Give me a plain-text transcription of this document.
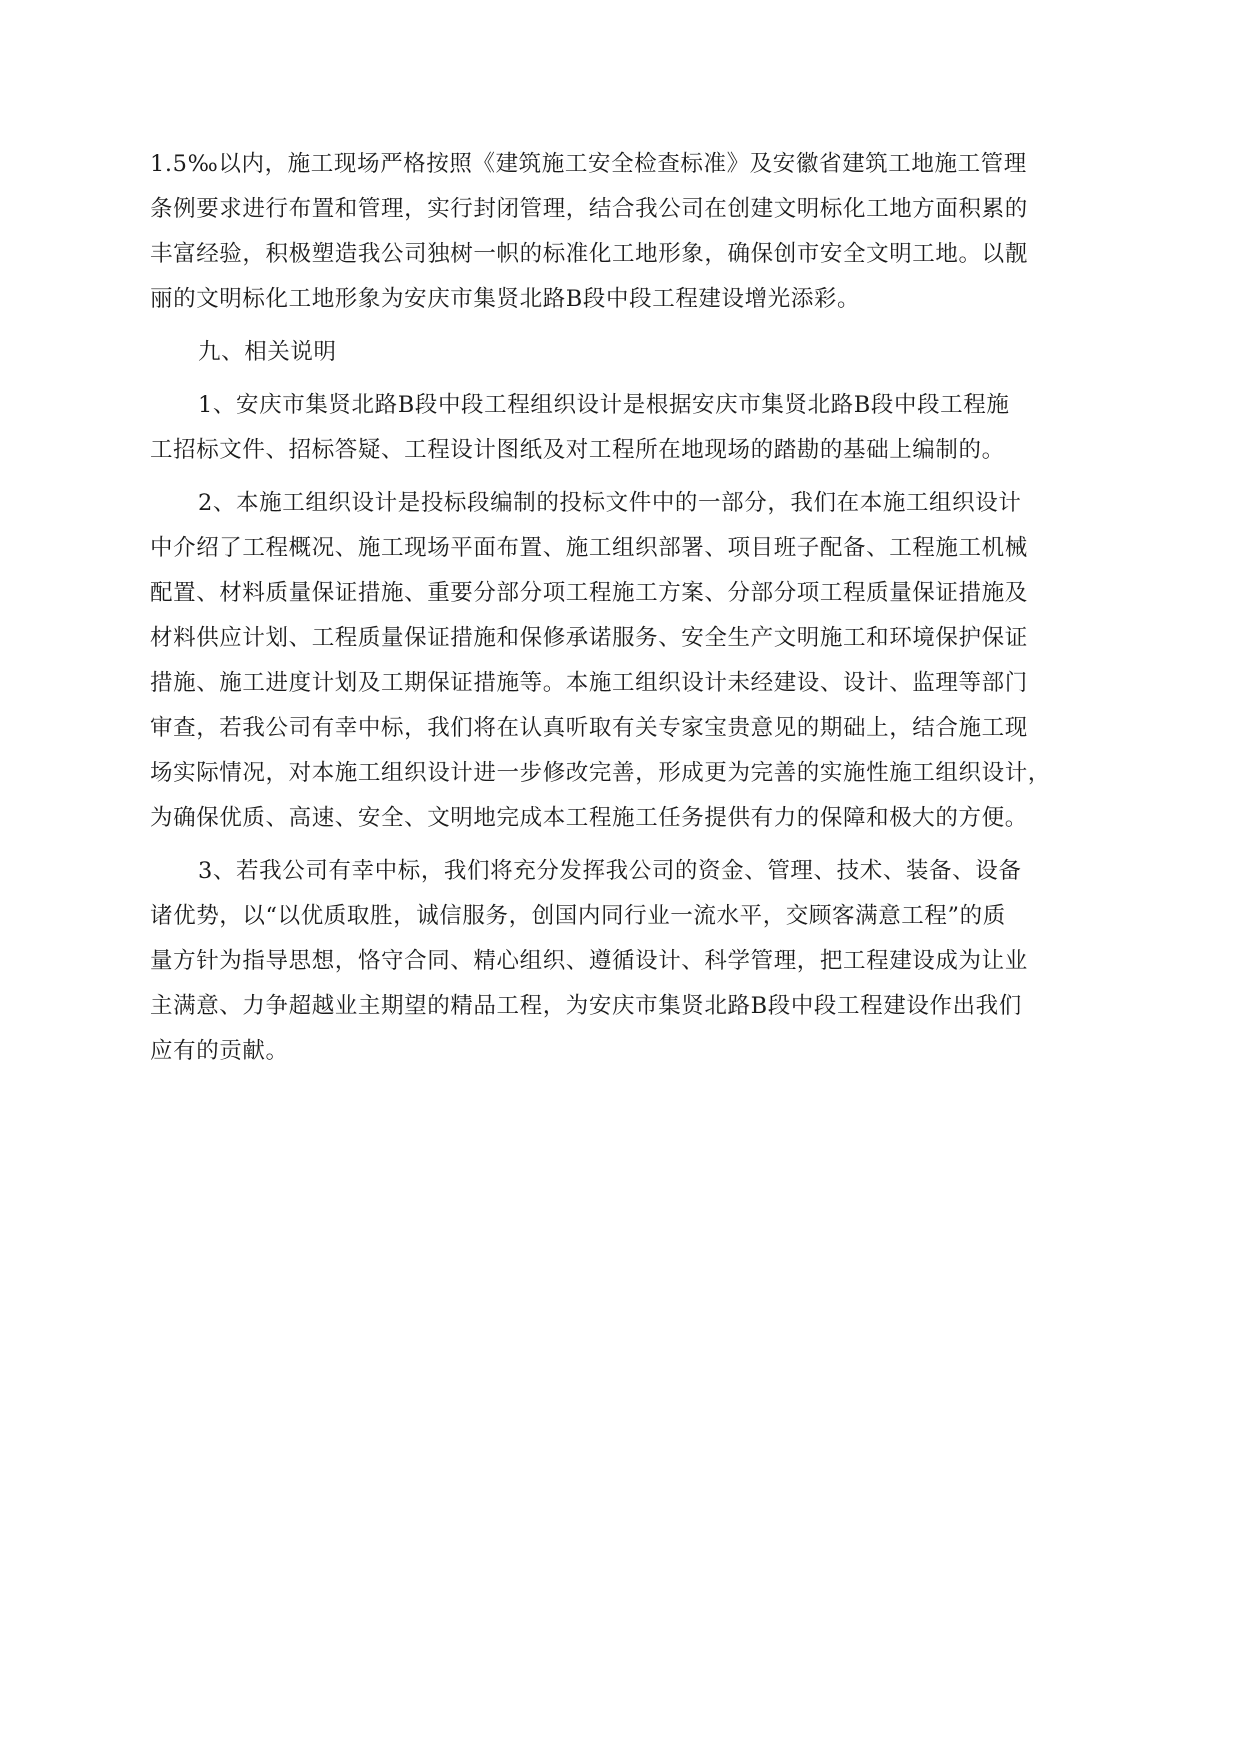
1.5‰以内，施工现场严格按照《建筑施工安全检查标准》及安徽省建筑工地施工管理
条例要求进行布置和管理，实行封闭管理，结合我公司在创建文明标化工地方面积累的
丰富经验，积极塑造我公司独树一帜的标准化工地形象，确保创市安全文明工地。以靓
丽的文明标化工地形象为安庆市集贤北路B段中段工程建设增光添彩。
九、相关说明
1、安庆市集贤北路B段中段工程组织设计是根据安庆市集贤北路B段中段工程施
工招标文件、招标答疑、工程设计图纸及对工程所在地现场的踏勘的基础上编制的。
2、本施工组织设计是投标段编制的投标文件中的一部分，我们在本施工组织设计
中介绍了工程概况、施工现场平面布置、施工组织部署、项目班子配备、工程施工机械
配置、材料质量保证措施、重要分部分项工程施工方案、分部分项工程质量保证措施及
材料供应计划、工程质量保证措施和保修承诺服务、安全生产文明施工和环境保护保证
措施、施工进度计划及工期保证措施等。本施工组织设计未经建设、设计、监理等部门
审查，若我公司有幸中标，我们将在认真听取有关专家宝贵意见的期础上，结合施工现
场实际情况，对本施工组织设计进一步修改完善，形成更为完善的实施性施工组织设计，
为确保优质、高速、安全、文明地完成本工程施工任务提供有力的保障和极大的方便。
3、若我公司有幸中标，我们将充分发挥我公司的资金、管理、技术、装备、设备
诸优势，以“以优质取胜，诚信服务，创国内同行业一流水平，交顾客满意工程”的质
量方针为指导思想，恪守合同、精心组织、遵循设计、科学管理，把工程建设成为让业
主满意、力争超越业主期望的精品工程，为安庆市集贤北路B段中段工程建设作出我们
应有的贡献。
